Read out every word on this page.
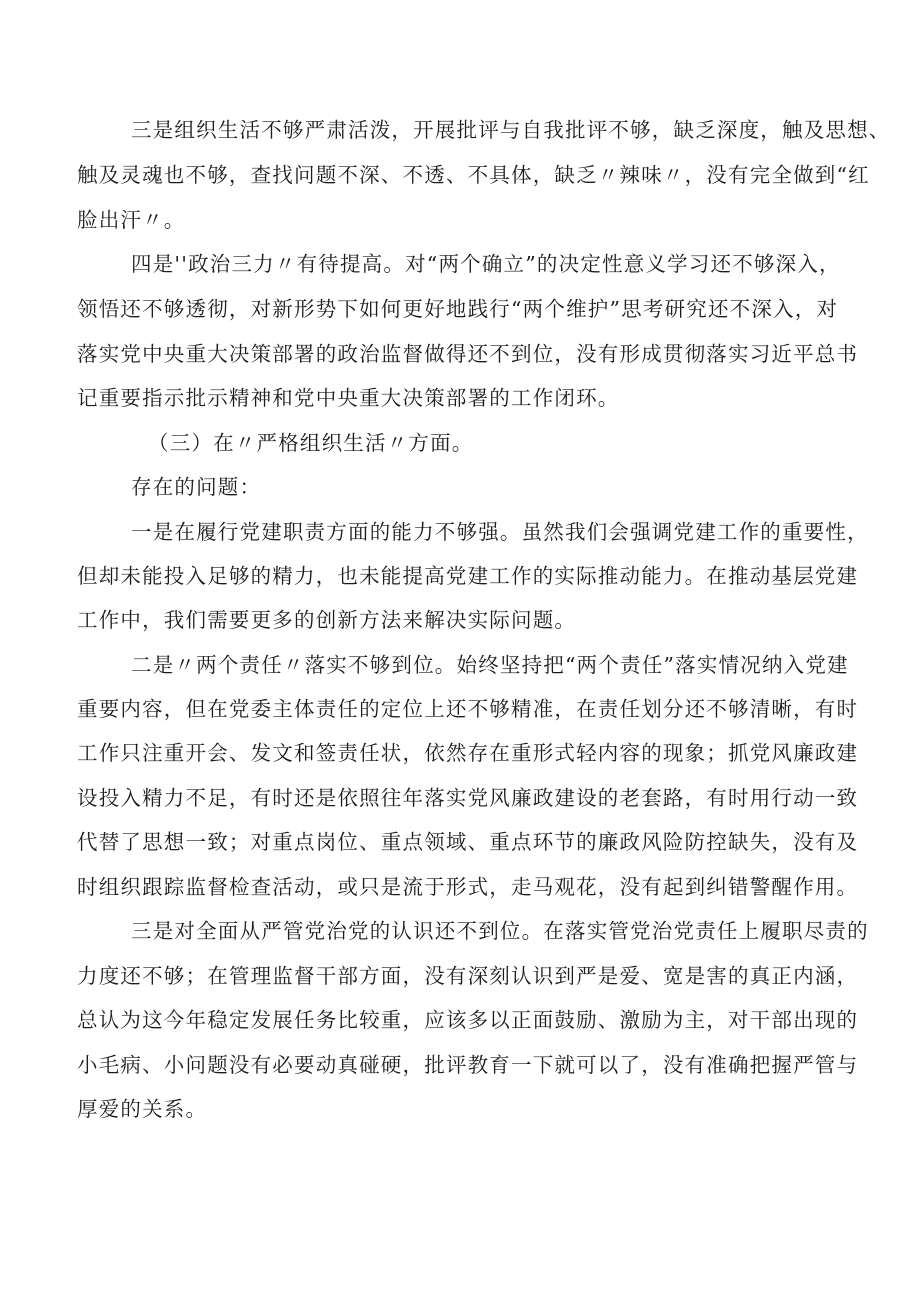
三是组织生活不够严肃活泼，开展批评与自我批评不够，缺乏深度，触及思想、
触及灵魂也不够，查找问题不深、不透、不具体，缺乏〃辣味〃，没有完全做到“红
脸出汗〃。
四是''政治三力〃有待提高。对“两个确立”的决定性意义学习还不够深入，
领悟还不够透彻，对新形势下如何更好地践行“两个维护”思考研究还不深入，对
落实党中央重大决策部署的政治监督做得还不到位，没有形成贯彻落实习近平总书
记重要指示批示精神和党中央重大决策部署的工作闭环。
（三）在〃严格组织生活〃方面。
存在的问题：
一是在履行党建职责方面的能力不够强。虽然我们会强调党建工作的重要性，
但却未能投入足够的精力，也未能提高党建工作的实际推动能力。在推动基层党建
工作中，我们需要更多的创新方法来解决实际问题。
二是〃两个责任〃落实不够到位。始终坚持把“两个责任”落实情况纳入党建
重要内容，但在党委主体责任的定位上还不够精准，在责任划分还不够清晰，有时
工作只注重开会、发文和签责任状，依然存在重形式轻内容的现象；抓党风廉政建
设投入精力不足，有时还是依照往年落实党风廉政建设的老套路，有时用行动一致
代替了思想一致；对重点岗位、重点领域、重点环节的廉政风险防控缺失，没有及
时组织跟踪监督检查活动，或只是流于形式，走马观花，没有起到纠错警醒作用。
三是对全面从严管党治党的认识还不到位。在落实管党治党责任上履职尽责的
力度还不够；在管理监督干部方面，没有深刻认识到严是爱、宽是害的真正内涵，
总认为这今年稳定发展任务比较重，应该多以正面鼓励、激励为主，对干部出现的
小毛病、小问题没有必要动真碰硬，批评教育一下就可以了，没有准确把握严管与
厚爱的关系。
